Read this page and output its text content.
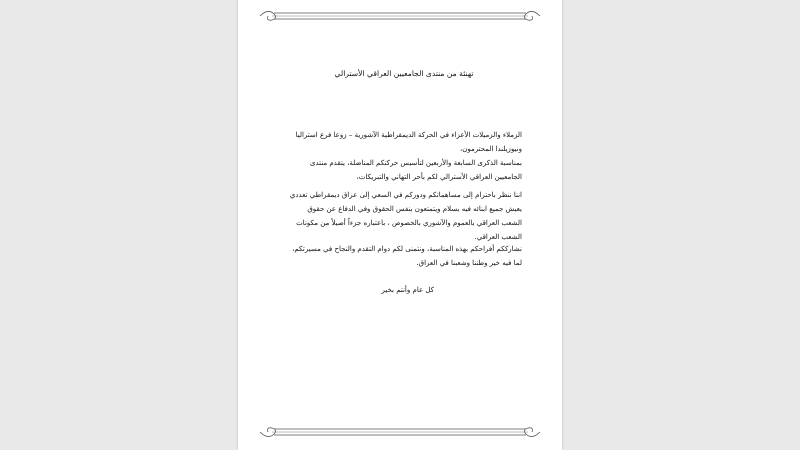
تهنئة من منتدى الجامعيين العراقي الأسترالي
الزملاء والزميلات الأعزاء في الحركة الديمقراطية الآشورية – زوعا فرع استراليا ونيوزيلندا المحترمون،
بمناسبة الذكرى السابعة والأربعين لتأسيس حركتكم المناضلة، يتقدم منتدى الجامعيين العراقي الأسترالي لكم بأحر التهاني والتبريكات،
اننا ننظر باحترام إلى مساهماتكم ودوركم في السعي إلى عراق ديمقراطي تعددي يعيش جميع ابنائه فيه بسلام ويتمتعون بنفس الحقوق وفي الدفاع عن حقوق الشعب العراقي بالعموم والآشوري بالخصوص ، باعتباره جزءاً أصيلاً من مكونات الشعب العراقي.
نشارككم أفراحكم بهذه المناسبة، ونتمنى لكم دوام التقدم والنجاح في مسيرتكم، لما فيه خير وطننا وشعبنا في العراق.
كل عام وأنتم بخير
